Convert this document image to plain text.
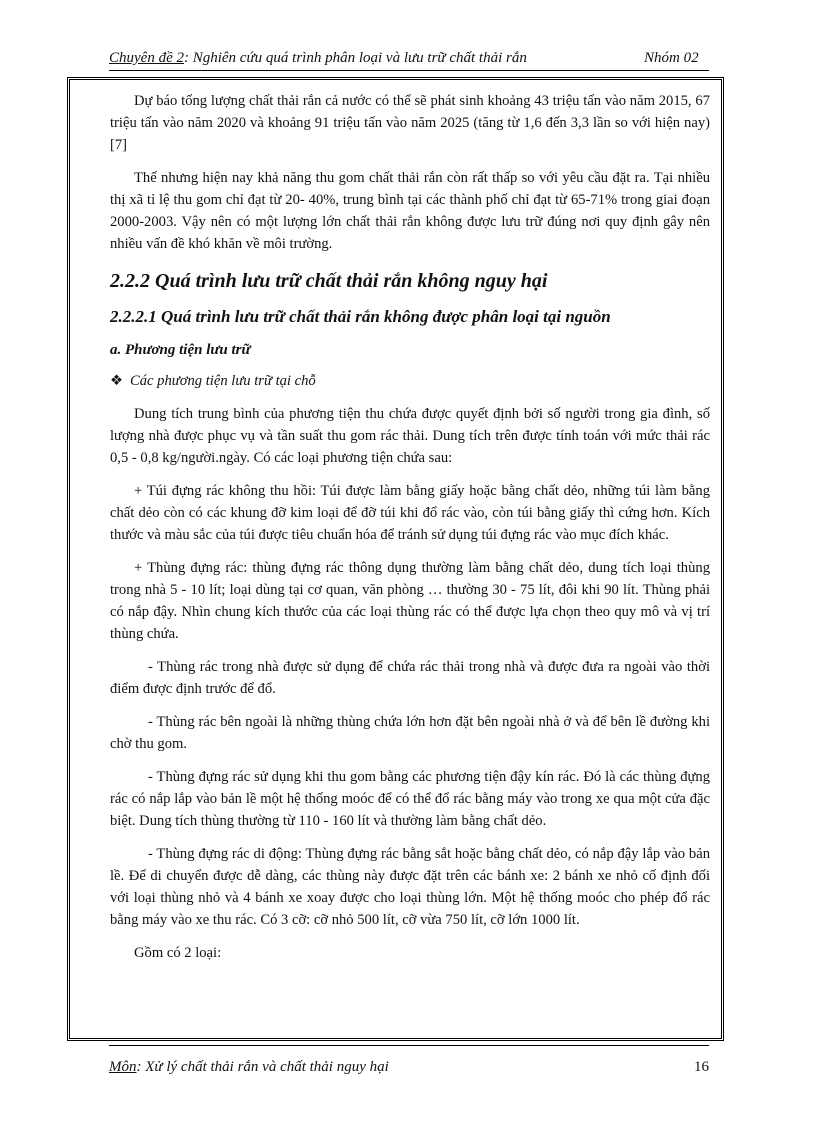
Chuyên đề 2: Nghiên cứu quá trình phân loại và lưu trữ chất thải rắn	Nhóm 02

Dự báo tổng lượng chất thải rắn cả nước có thể sẽ phát sinh khoảng 43 triệu tấn vào năm 2015, 67 triệu tấn vào năm 2020 và khoảng 91 triệu tấn vào năm 2025 (tăng từ 1,6 đến 3,3 lần so với hiện nay)[7]

Thế nhưng hiện nay khả năng thu gom chất thải rắn còn rất thấp so với yêu cầu đặt ra. Tại nhiều thị xã tỉ lệ thu gom chỉ đạt từ 20- 40%, trung bình tại các thành phố chỉ đạt từ 65-71% trong giai đoạn 2000-2003. Vậy nên có một lượng lớn chất thải rắn không được lưu trữ đúng nơi quy định gây nên nhiều vấn đề khó khăn về môi trường.

2.2.2 Quá trình lưu trữ chất thải rắn không nguy hại
2.2.2.1 Quá trình lưu trữ chất thải rắn không được phân loại tại nguồn
a. Phương tiện lưu trữ

❖ Các phương tiện lưu trữ tại chỗ

Dung tích trung bình của phương tiện thu chứa được quyết định bởi số người trong gia đình, số lượng nhà được phục vụ và tần suất thu gom rác thải. Dung tích trên được tính toán với mức thải rác 0,5 - 0,8 kg/người.ngày. Có các loại phương tiện chứa sau:

+ Túi đựng rác không thu hồi: Túi được làm bằng giấy hoặc bằng chất dẻo, những túi làm bằng chất dẻo còn có các khung đỡ kim loại để đỡ túi khi đổ rác vào, còn túi bằng giấy thì cứng hơn. Kích thước và màu sắc của túi được tiêu chuẩn hóa để tránh sử dụng túi đựng rác vào mục đích khác.

+ Thùng đựng rác: thùng đựng rác thông dụng thường làm bằng chất dẻo, dung tích loại thùng trong nhà 5 - 10 lít; loại dùng tại cơ quan, văn phòng … thường 30 - 75 lít, đôi khi 90 lít. Thùng phải có nắp đậy. Nhìn chung kích thước của các loại thùng rác có thể được lựa chọn theo quy mô và vị trí thùng chứa.

- Thùng rác trong nhà được sử dụng để chứa rác thải trong nhà và được đưa ra ngoài vào thời điểm được định trước để đổ.

- Thùng rác bên ngoài là những thùng chứa lớn hơn đặt bên ngoài nhà ở và để bên lề đường khi chờ thu gom.

- Thùng đựng rác sử dụng khi thu gom bằng các phương tiện đậy kín rác. Đó là các thùng đựng rác có nắp lắp vào bản lề một hệ thống moóc để có thể đổ rác bằng máy vào trong xe qua một cửa đặc biệt. Dung tích thùng thường từ 110 - 160 lít và thường làm bằng chất dẻo.

- Thùng đựng rác di động: Thùng đựng rác bằng sắt hoặc bằng chất dẻo, có nắp đậy lắp vào bản lề. Để di chuyển được dễ dàng, các thùng này được đặt trên các bánh xe: 2 bánh xe nhỏ cố định đối với loại thùng nhỏ và 4 bánh xe xoay được cho loại thùng lớn. Một hệ thống moóc cho phép đổ rác bằng máy vào xe thu rác. Có 3 cỡ: cỡ nhỏ 500 lít, cỡ vừa 750 lít, cỡ lớn 1000 lít.

Gồm có 2 loại:

Môn: Xử lý chất thải rắn và chất thải nguy hại	16
